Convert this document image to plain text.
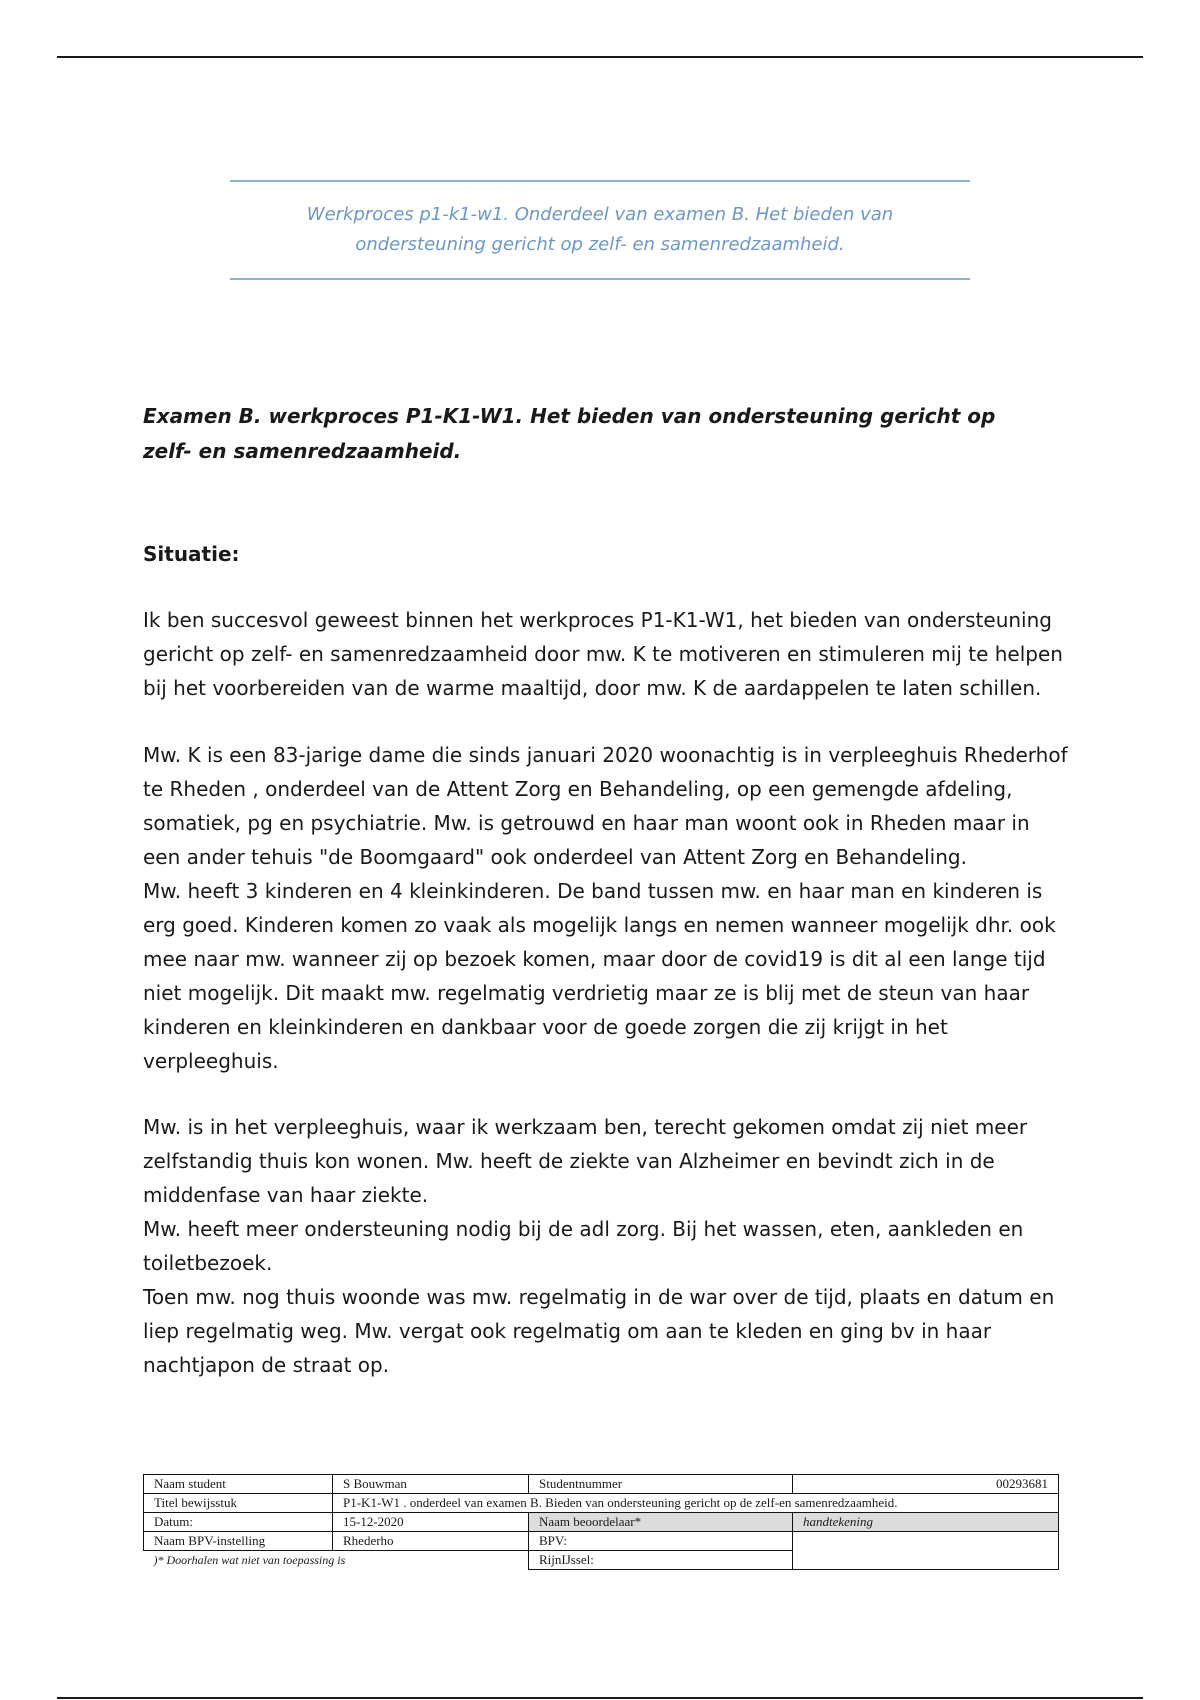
Werkproces p1-k1-w1. Onderdeel van examen B. Het bieden van ondersteuning gericht op zelf- en samenredzaamheid.
Examen B. werkproces P1-K1-W1. Het bieden van ondersteuning gericht op zelf- en samenredzaamheid.
Situatie:

Ik ben succesvol geweest binnen het werkproces P1-K1-W1, het bieden van ondersteuning gericht op zelf- en samenredzaamheid door mw. K te motiveren en stimuleren mij te helpen bij het voorbereiden van de warme maaltijd, door mw. K de aardappelen te laten schillen.

Mw. K is een 83-jarige dame die sinds januari 2020 woonachtig is in verpleeghuis Rhederhof te Rheden , onderdeel van de Attent Zorg en Behandeling, op een gemengde afdeling, somatiek, pg en psychiatrie. Mw. is getrouwd en haar man woont ook in Rheden maar in een ander tehuis "de Boomgaard" ook onderdeel van Attent Zorg en Behandeling.
Mw. heeft 3 kinderen en 4 kleinkinderen. De band tussen mw. en haar man en kinderen is erg goed. Kinderen komen zo vaak als mogelijk langs en nemen wanneer mogelijk dhr. ook mee naar mw. wanneer zij op bezoek komen, maar door de covid19 is dit al een lange tijd niet mogelijk. Dit maakt mw. regelmatig verdrietig maar ze is blij met de steun van haar kinderen en kleinkinderen en dankbaar voor de goede zorgen die zij krijgt in het verpleeghuis.

Mw. is in het verpleeghuis, waar ik werkzaam ben, terecht gekomen omdat zij niet meer zelfstandig thuis kon wonen. Mw. heeft de ziekte van Alzheimer en bevindt zich in de middenfase van haar ziekte.
Mw. heeft meer ondersteuning nodig bij de adl zorg. Bij het wassen, eten, aankleden en toiletbezoek.
Toen mw. nog thuis woonde was mw. regelmatig in de war over de tijd, plaats en datum en liep regelmatig weg. Mw. vergat ook regelmatig om aan te kleden en ging bv in haar nachtjapon de straat op.

Naam student	S Bouwman	Studentnummer	00293681
Titel bewijsstuk	P1-K1-W1 . onderdeel van examen B. Bieden van ondersteuning gericht op de zelf-en samenredzaamheid.		
Datum:	15-12-2020	Naam beoordelaar*	handtekening
Naam BPV-instelling	Rhederho	BPV:	
)* Doorhalen wat niet van toepassing is		RijnIJssel:	
